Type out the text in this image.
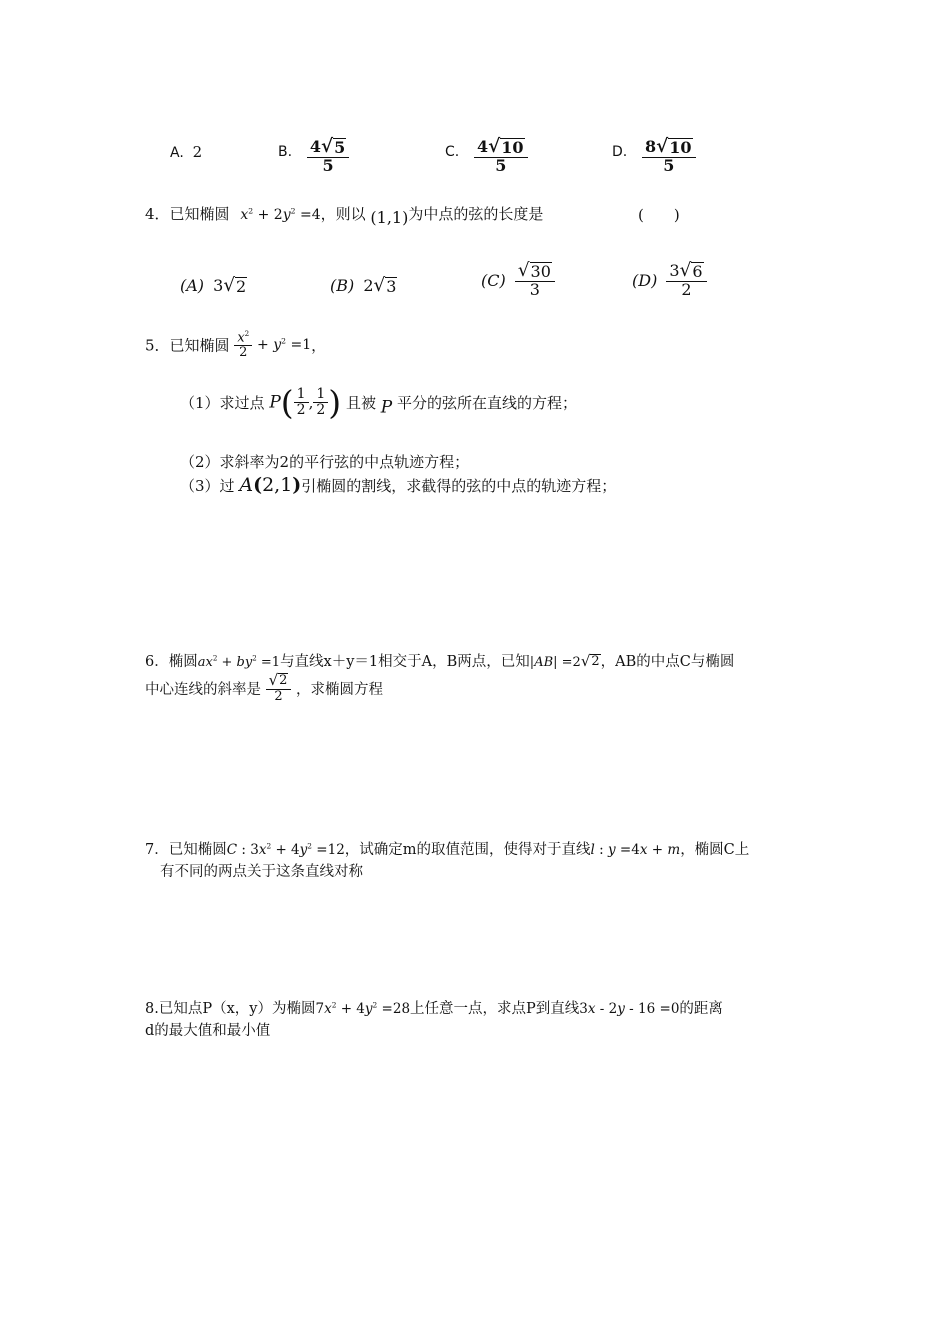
A. 2	B. $\frac{4 √ 5}{5}$	C. $\frac{4 √ 10}{5}$	D. $\frac{8 √ 10}{5}$
4．已知椭圆 $x^2 + 2y^2 =4$，则以 (1,1)为中点的弦的长度是	(　　)
(A) 3 √ 2	(B) 2 √ 3	$(C) \frac{√ 30}{3}$	$(D) \frac{3 √ 6}{2}$
5．已知椭圆 $\frac{x^2}{2} + y^2 =1$，
（1）求过点 $P( \frac{1}{2}$ , $\frac{1}{2}$ ) 且被 P 平分的弦所在直线的方程；
（2）求斜率为2的平行弦的中点轨迹方程；
（3）过 A(2,1)引椭圆的割线，求截得的弦的中点的轨迹方程；
6．椭圆$ax^2 + by^2 =1$与直线x＋y＝1相交于A，B两点，已知|AB| =2 √ 2 ，AB的中点C与椭圆
中心连线的斜率是 $\frac{√ 2}{2}$ ，求椭圆方程
7．已知椭圆C : $3x^2 + 4y^2 =12$，试确定m的取值范围，使得对于直线l : y =4x + m，椭圆C上
有不同的两点关于这条直线对称
8.已知点P（x，y）为椭圆$7x^2 + 4y^2 =28$上任意一点，求点P到直线3x - 2y - 16 =0的距离
d的最大值和最小值
